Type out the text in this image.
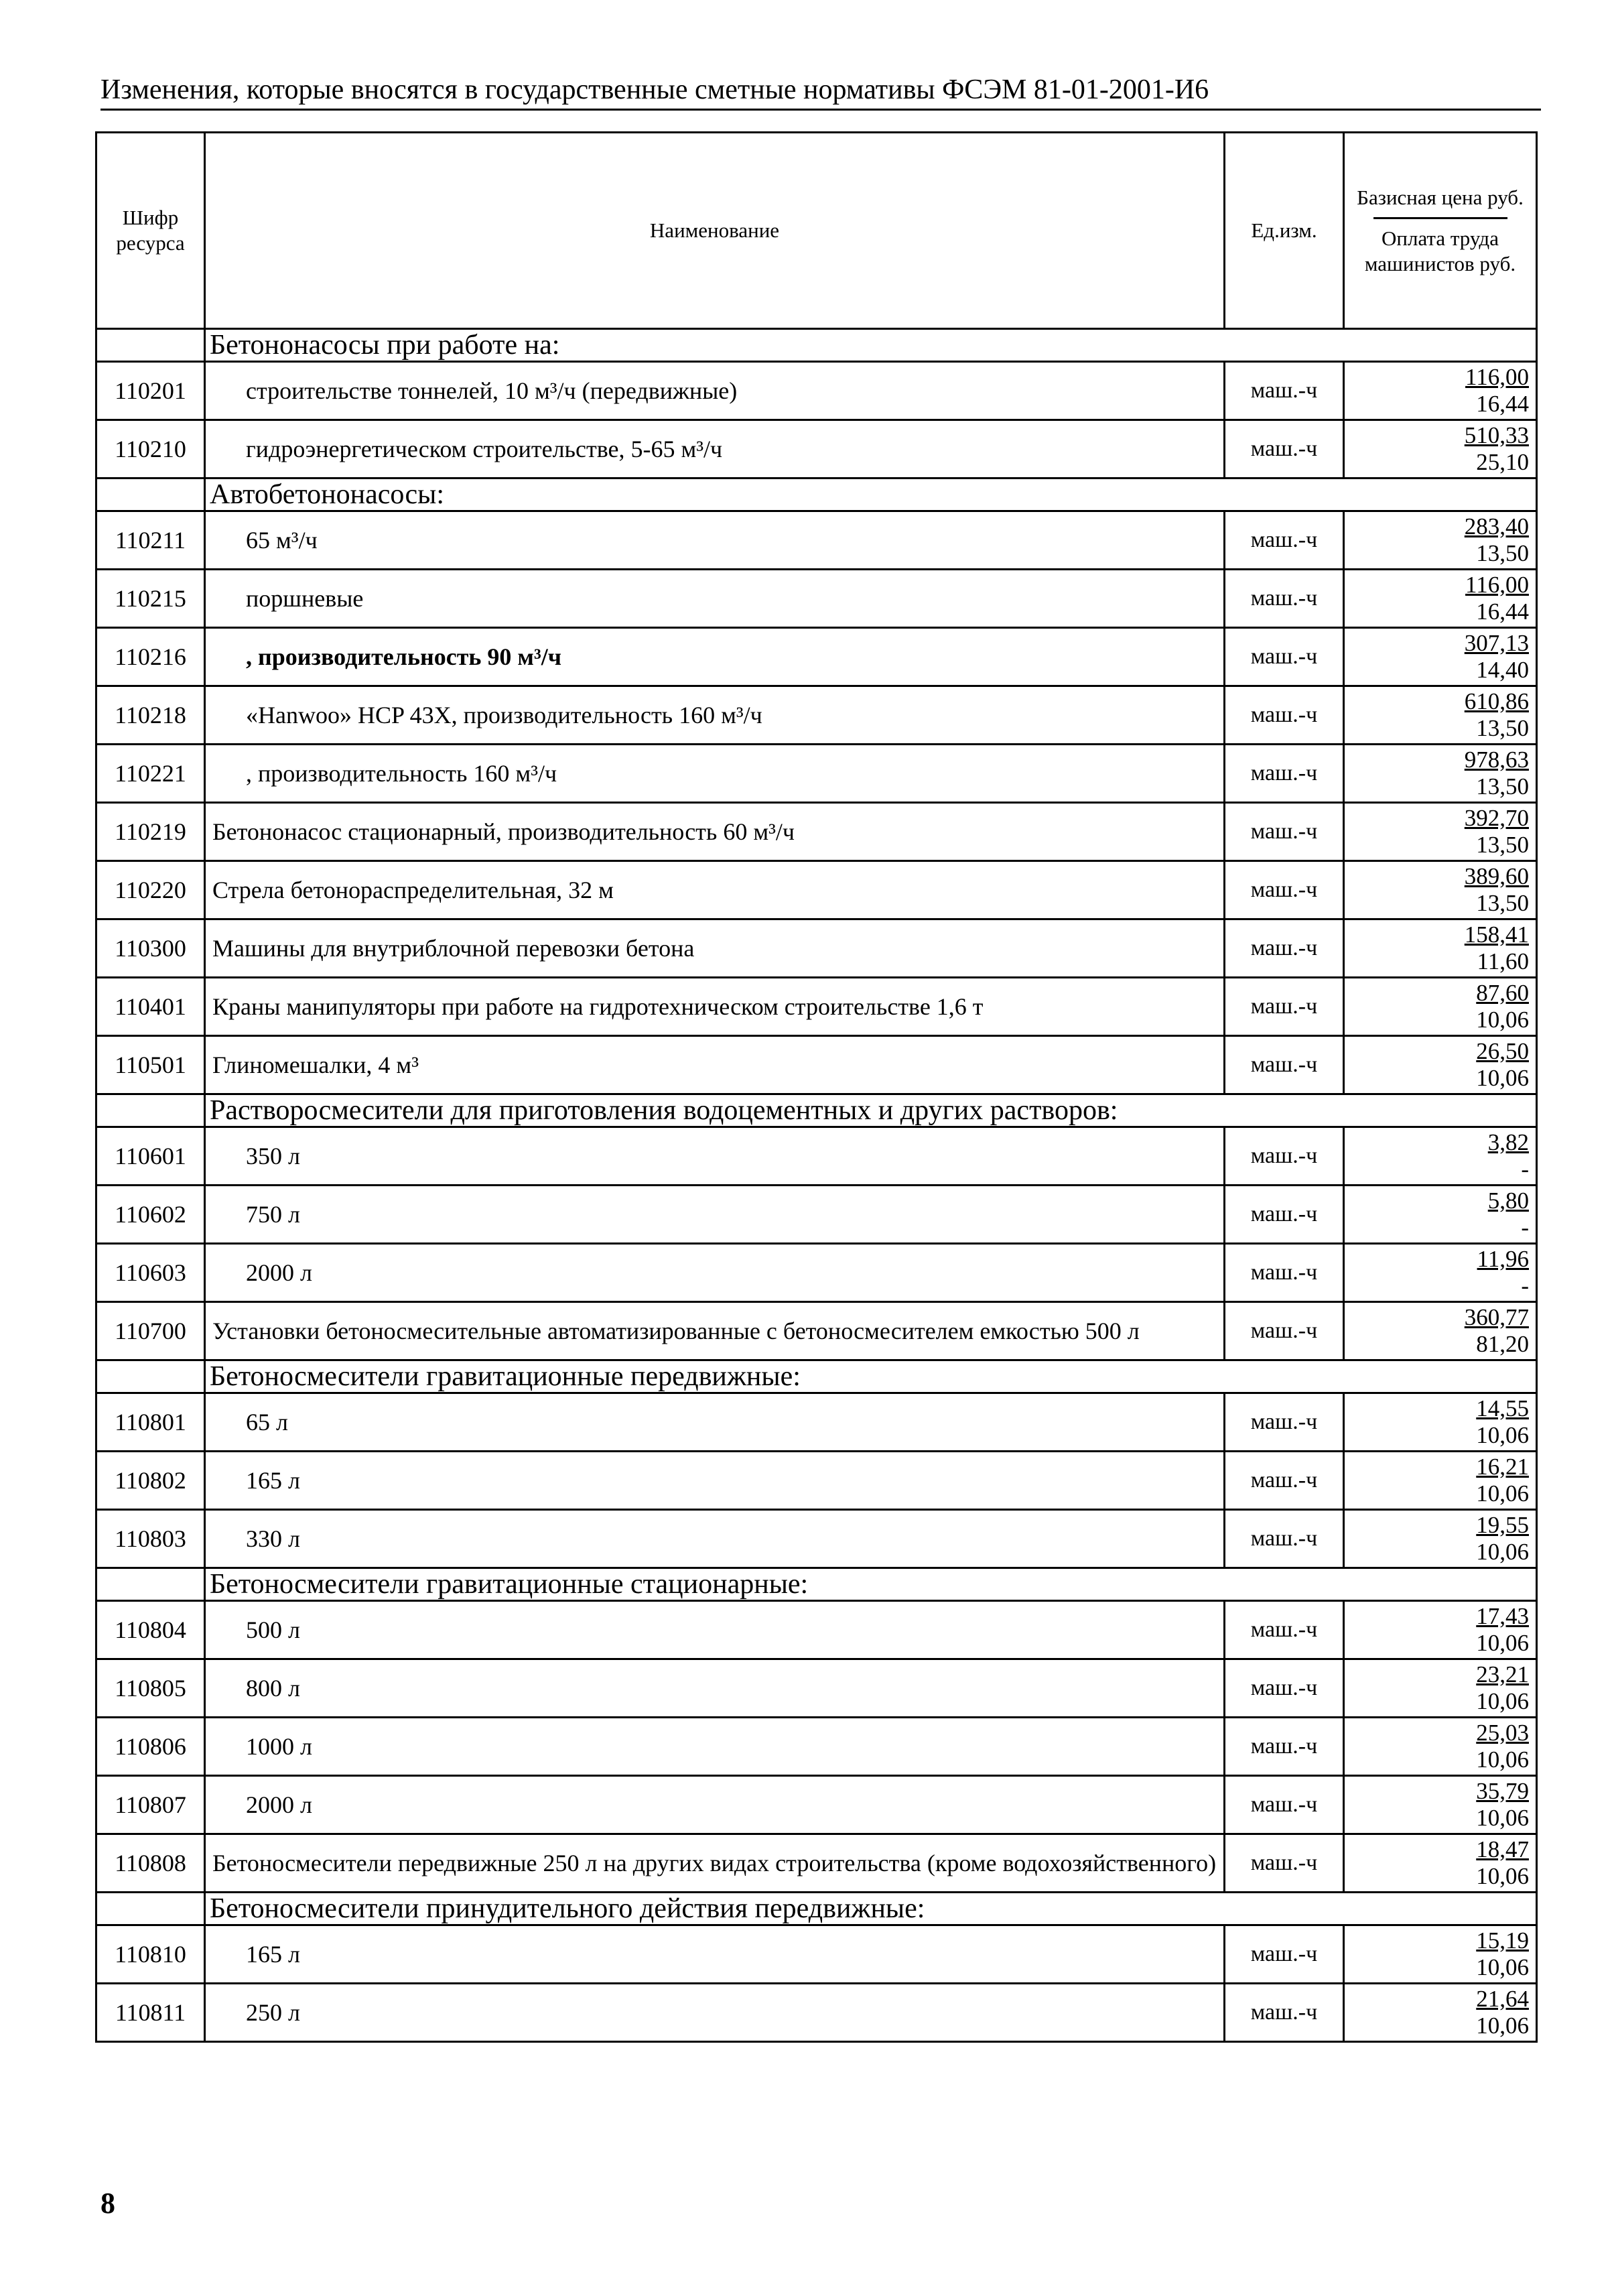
Изменения, которые вносятся в государственные сметные нормативы ФСЭМ 81-01-2001-И6
Шифр ресурса	Наименование	Ед.изм.	Базисная цена руб.
Оплата труда машинистов руб.

	Бетононасосы при работе на:		
110201	строительстве тоннелей, 10 м³/ч (передвижные)	маш.-ч	116,00
16,44

110210	гидроэнергетическом строительстве, 5-65 м³/ч	маш.-ч	510,33
25,10

	Автобетононасосы:		
110211	65 м³/ч	маш.-ч	283,40
13,50

110215	поршневые	маш.-ч	116,00
16,44

110216	, производительность 90 м³/ч	маш.-ч	307,13
14,40

110218	«Hanwoo» HCP 43X, производительность 160 м³/ч	маш.-ч	610,86
13,50

110221	, производительность 160 м³/ч	маш.-ч	978,63
13,50

110219	Бетононасос стационарный, производительность 60 м³/ч	маш.-ч	392,70
13,50

110220	Стрела бетонораспределительная, 32 м	маш.-ч	389,60
13,50

110300	Машины для внутриблочной перевозки бетона	маш.-ч	158,41
11,60

110401	Краны манипуляторы при работе на гидротехническом строительстве 1,6 т	маш.-ч	87,60
10,06

110501	Глиномешалки, 4 м³	маш.-ч	26,50
10,06

	Растворосмесители для приготовления водоцементных и других растворов:		
110601	350 л	маш.-ч	3,82
-

110602	750 л	маш.-ч	5,80
-

110603	2000 л	маш.-ч	11,96
-

110700	Установки бетоносмесительные автоматизированные с бетоносмесителем емкостью 500 л	маш.-ч	360,77
81,20

	Бетоносмесители гравитационные передвижные:		
110801	65 л	маш.-ч	14,55
10,06

110802	165 л	маш.-ч	16,21
10,06

110803	330 л	маш.-ч	19,55
10,06

	Бетоносмесители гравитационные стационарные:		
110804	500 л	маш.-ч	17,43
10,06

110805	800 л	маш.-ч	23,21
10,06

110806	1000 л	маш.-ч	25,03
10,06

110807	2000 л	маш.-ч	35,79
10,06

110808	Бетоносмесители передвижные 250 л на других видах строительства (кроме водохозяйственного)	маш.-ч	18,47
10,06

	Бетоносмесители принудительного действия передвижные:		
110810	165 л	маш.-ч	15,19
10,06

110811	250 л	маш.-ч	21,64
10,06
8
